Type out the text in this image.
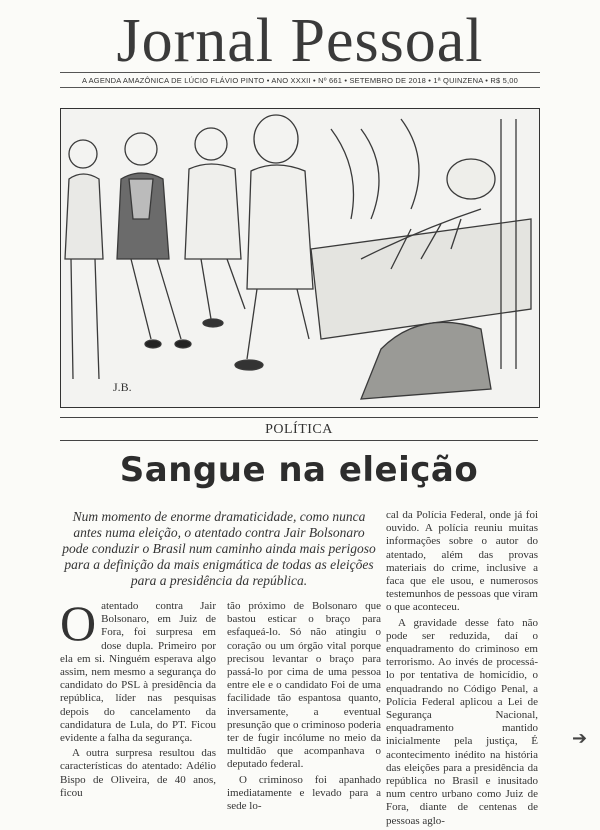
Jornal Pessoal
A AGENDA AMAZÔNICA DE LÚCIO FLÁVIO PINTO • ANO XXXII • Nº 661 • SETEMBRO DE 2018 • 1ª QUINZENA • R$ 5,00
J.B.
POLÍTICA
Sangue na eleição
Num momento de enorme dramaticidade, como nunca antes numa eleição, o atentado contra Jair Bolsonaro pode conduzir o Brasil num caminho ainda mais perigoso para a definição da mais enigmática de todas as eleições para a presidência da república.

Oatentado contra Jair Bolsonaro, em Juiz de Fora, foi surpresa em dose dupla. Primeiro por ela em si. Ninguém esperava algo assim, nem mesmo a segurança do candidato do PSL à presidência da república, líder nas pesquisas depois do cancelamento da candidatura de Lula, do PT. Ficou evidente a falha da segurança.

A outra surpresa resultou das características do atentado: Adélio Bispo de Oliveira, de 40 anos, ficou

tão próximo de Bolsonaro que bastou esticar o braço para esfaqueá-lo. Só não atingiu o coração ou um órgão vital porque precisou levantar o braço para passá-lo por cima de uma pessoa entre ele e o candidato Foi de uma facilidade tão espantosa quanto, inversamente, a eventual presunção que o criminoso poderia ter de fugir incólume no meio da multidão que acompanhava o deputado federal.

O criminoso foi apanhado imediatamente e levado para a sede lo-

cal da Polícia Federal, onde já foi ouvido. A polícia reuniu muitas informações sobre o autor do atentado, além das provas materiais do crime, inclusive a faca que ele usou, e numerosos testemunhos de pessoas que viram o que aconteceu.

A gravidade desse fato não pode ser reduzida, daí o enquadramento do criminoso em terrorismo. Ao invés de processá-lo por tentativa de homicídio, o enquadrando no Código Penal, a Polícia Federal aplicou a Lei de Segurança Nacional, enquadramento mantido inicialmente pela justiça, É acontecimento inédito na história das eleições para a presidência da república no Brasil e inusitado num centro urbano como Juiz de Fora, diante de centenas de pessoas aglo-

➔
